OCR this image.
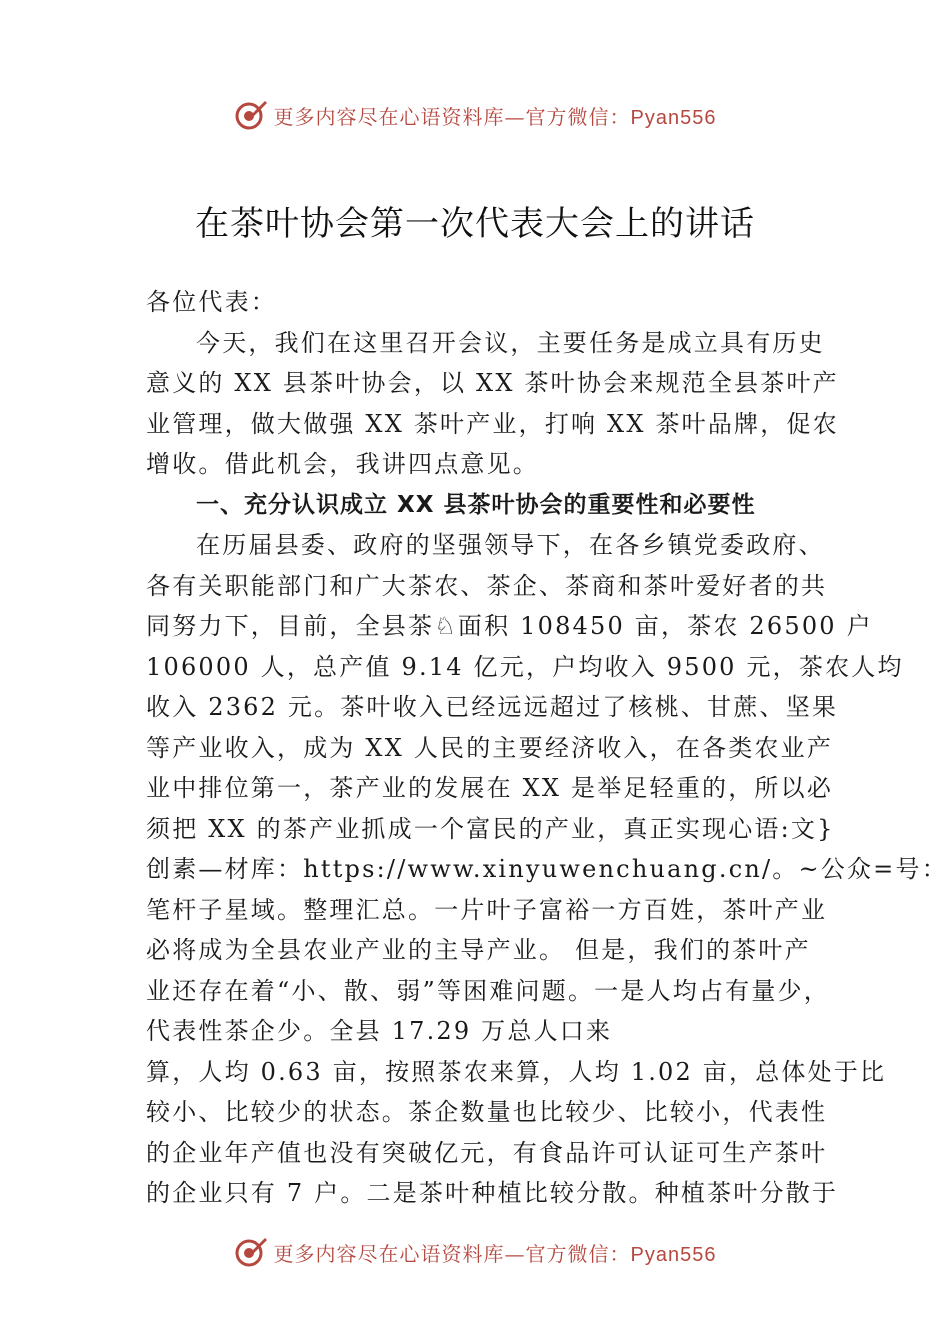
更多内容尽在心语资料库—官方微信：Pyan556
在茶叶协会第一次代表大会上的讲话
各位代表：
今天，我们在这里召开会议，主要任务是成立具有历史
意义的 XX 县茶叶协会，以 XX 茶叶协会来规范全县茶叶产
业管理，做大做强 XX 茶叶产业，打响 XX 茶叶品牌，促农
增收。借此机会，我讲四点意见。
一、充分认识成立 XX 县茶叶协会的重要性和必要性
在历届县委、政府的坚强领导下，在各乡镇党委政府、
各有关职能部门和广大茶农、茶企、茶商和茶叶爱好者的共
同努力下，目前，全县茶♘面积 108450 亩，茶农 26500 户
106000 人，总产值 9.14 亿元，户均收入 9500 元，茶农人均
收入 2362 元。茶叶收入已经远远超过了核桃、甘蔗、坚果
等产业收入，成为 XX 人民的主要经济收入，在各类农业产
业中排位第一，茶产业的发展在 XX 是举足轻重的，所以必
须把 XX 的茶产业抓成一个富民的产业，真正实现心语:文}
创素—材库：https://www.xinyuwenchuang.cn/。~公众=号：
笔杆子星域。整理汇总。一片叶子富裕一方百姓，茶叶产业
必将成为全县农业产业的主导产业。 但是，我们的茶叶产
业还存在着“小、散、弱”等困难问题。一是人均占有量少，
代表性茶企少。全县 17.29 万总人口来
算，人均 0.63 亩，按照茶农来算，人均 1.02 亩，总体处于比
较小、比较少的状态。茶企数量也比较少、比较小，代表性
的企业年产值也没有突破亿元，有食品许可认证可生产茶叶
的企业只有 7 户。二是茶叶种植比较分散。种植茶叶分散于
更多内容尽在心语资料库—官方微信：Pyan556
